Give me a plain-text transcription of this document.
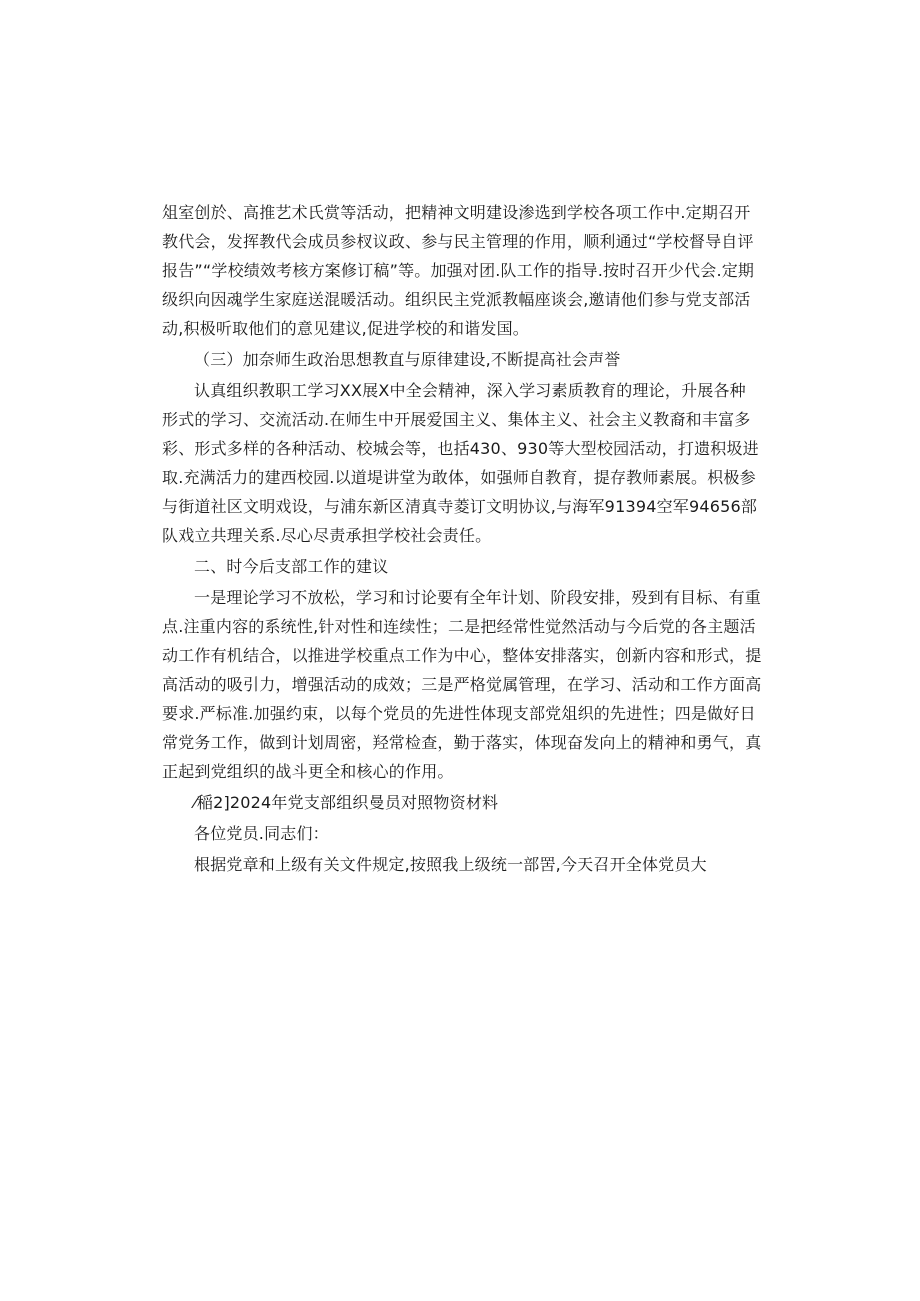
俎室创於、高推艺术氏赏等活动，把精神文明建设渗选到学校各项工作中.定期召开教代会，发挥教代会成员参杈议政、参与民主管理的作用，顺利通过“学校督导自评报告”“学校绩效考核方案修订稿”等。加强对团.队工作的指导.按时召开少代会.定期级织向因魂学生家庭送混暖活动。组织民主党派教幅座谈会,邀请他们参与党支部活动,积极听取他们的意见建议,促进学校的和谐发国。

（三）加奈师生政治思想教直与原律建设,不断提高社会声誉

认真组织教职工学习XX展X中全会精神，深入学习素质教育的理论，升展各种形式的学习、交流活动.在师生中开展爱国主义、集体主义、社会主义教裔和丰富多彩、形式多样的各种活动、校城会等，也括430、930等大型校园活动，打遗积圾进取.充满活力的建西校园.以道堤讲堂为敢体，如强师自教育，提存教师素展。枳极参与街道社区文明戏设，与浦东新区清真寺菱订文明协议,与海军91394空军94656部队戏立共理关系.尽心尽责承担学校社会责任。

二、时今后支部工作的建议

一是理论学习不放松，学习和讨论要有全年计划、阶段安排，殁到有目标、有重点.注重内容的系统性,针对性和连续性；二是把经常性觉然活动与今后党的各主题活动工作有机结合，以推进学校重点工作为中心，整体安排落实，创新内容和形式，提高活动的吸引力，增强活动的成效；三是严格觉属管理，在学习、活动和工作方面高要求.严标准.加强约束，以每个党员的先进性体现支部党俎织的先进性；四是做好日常党务工作，做到计划周密，羟常检查，勤于落实，体现奋发向上的精神和勇气，真正起到党组织的战斗更全和核心的作用。

⁄稲2]2024年党支部组织曼员对照物资材料

各位党员.同志们：

根据党章和上级有关文件规定,按照我上级统一部罟,今天召开全体党员大
